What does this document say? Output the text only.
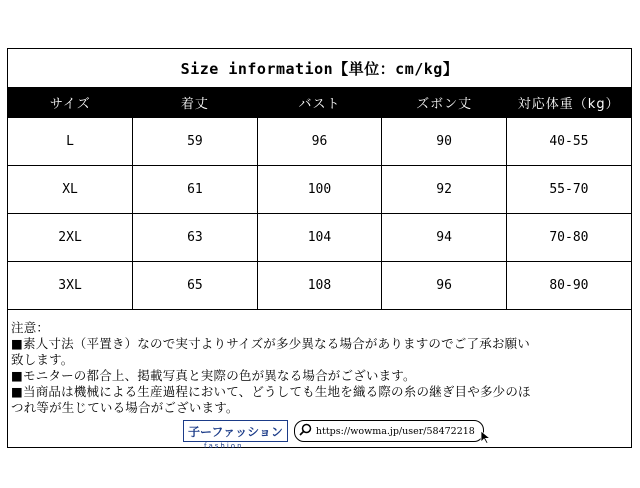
Size information【単位：cm/kg】
サイズ	着丈	バスト	ズボン丈	対応体重（kg）
L	59	96	90	40-55
XL	61	100	92	55-70
2XL	63	104	94	70-80
3XL	65	108	96	80-90
注意：
■素人寸法（平置き）なので実寸よりサイズが多少異なる場合がありますのでご了承お願い
致します。
■モニターの都合上、掲載写真と実際の色が異なる場合がございます。
■当商品は機械による生産過程において、どうしても生地を織る際の糸の継ぎ目や多少のほ
つれ等が生じている場合がございます。
子ーファッション
fashion
https://wowma.jp/user/58472218
